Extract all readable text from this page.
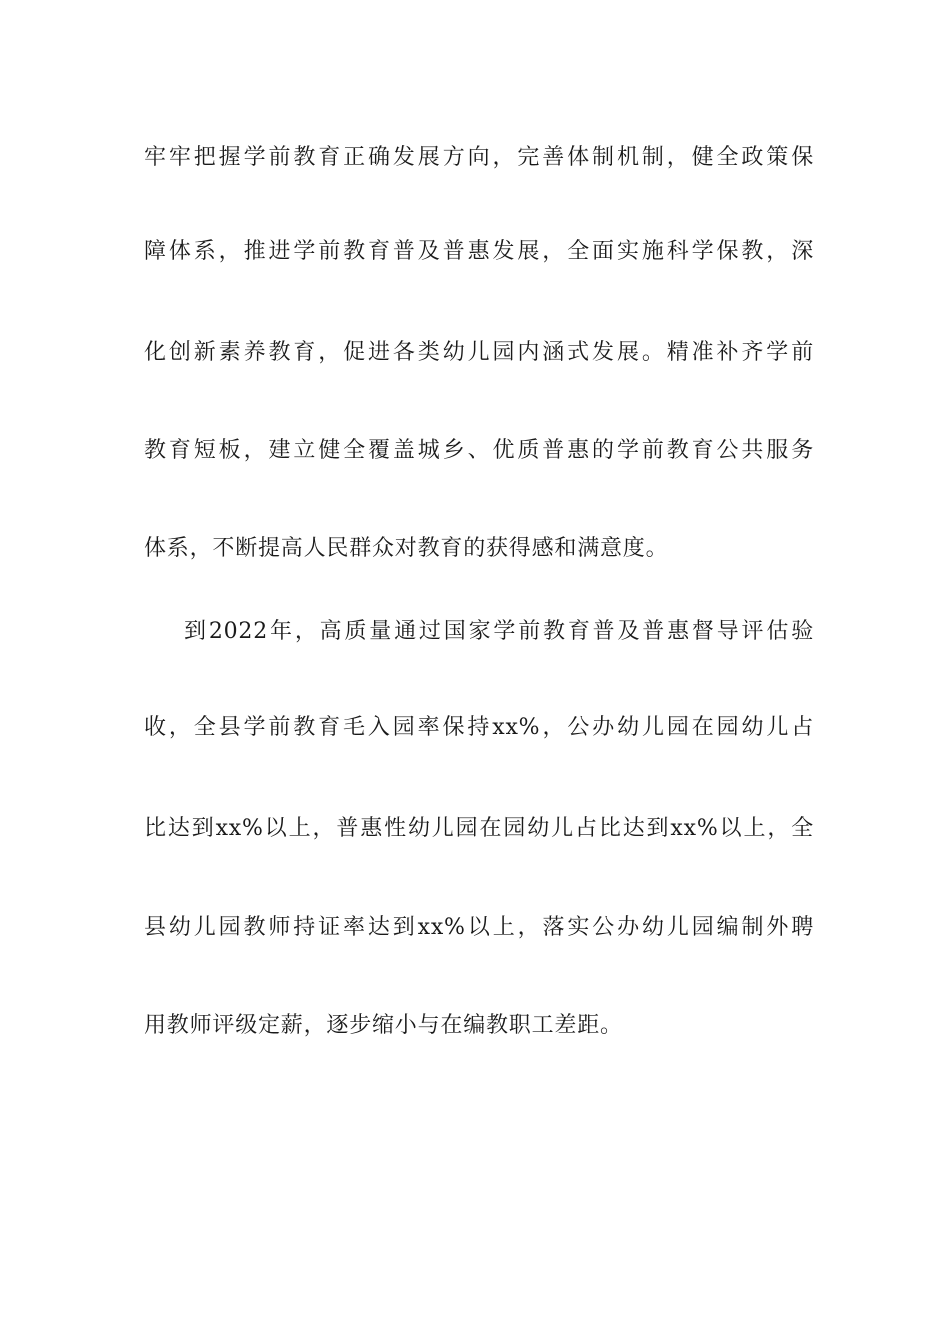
牢牢把握学前教育正确发展方向，完善体制机制，健全政策保
障体系，推进学前教育普及普惠发展，全面实施科学保教，深
化创新素养教育，促进各类幼儿园内涵式发展。精准补齐学前
教育短板，建立健全覆盖城乡、优质普惠的学前教育公共服务
体系，不断提高人民群众对教育的获得感和满意度。
到2022年，高质量通过国家学前教育普及普惠督导评估验
收，全县学前教育毛入园率保持xx%，公办幼儿园在园幼儿占
比达到xx%以上，普惠性幼儿园在园幼儿占比达到xx%以上，全
县幼儿园教师持证率达到xx%以上，落实公办幼儿园编制外聘
用教师评级定薪，逐步缩小与在编教职工差距。
